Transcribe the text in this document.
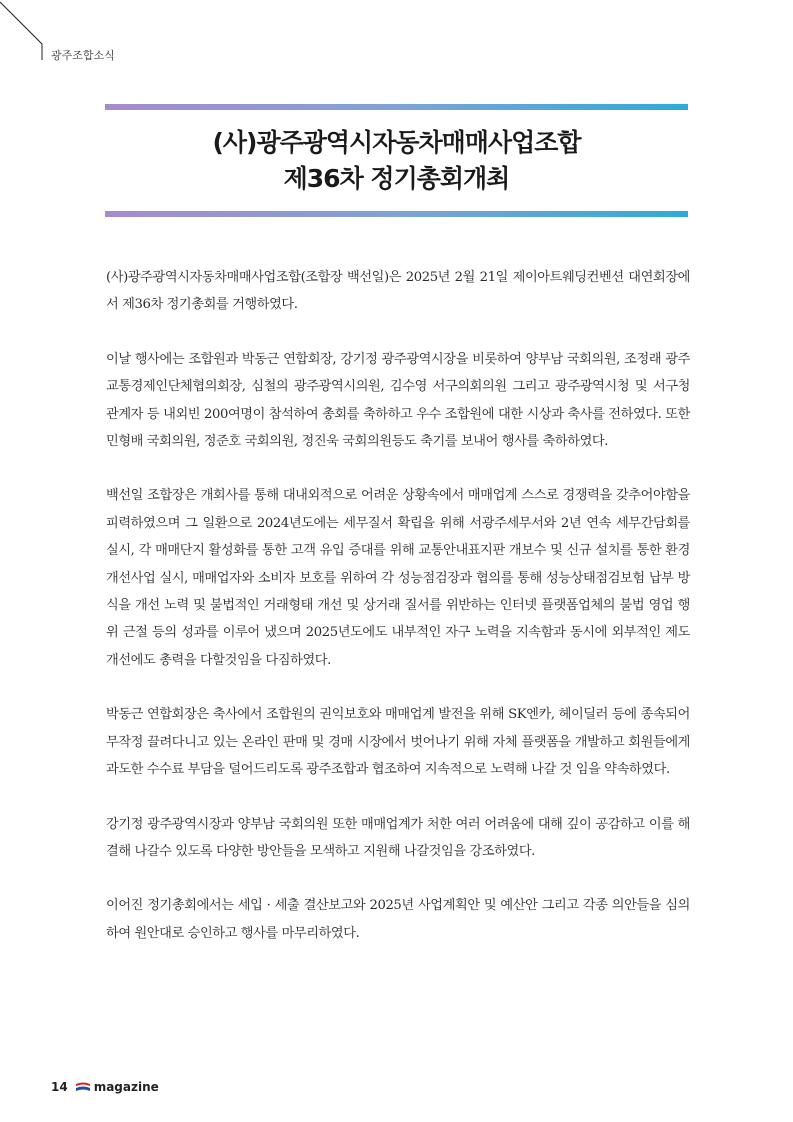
광주조합소식
(사)광주광역시자동차매매사업조합
제36차 정기총회개최

(사)광주광역시자동차매매사업조합(조합장 백선일)은 2025년 2월 21일 제이아트웨딩컨벤션 대연회장에서 제36차 정기총회를 거행하였다.

이날 행사에는 조합원과 박동근 연합회장, 강기정 광주광역시장을 비롯하여 양부남 국회의원, 조정래 광주교통경제인단체협의회장, 심철의 광주광역시의원, 김수영 서구의회의원 그리고 광주광역시청 및 서구청 관계자 등 내외빈 200여명이 참석하여 총회를 축하하고 우수 조합원에 대한 시상과 축사를 전하였다. 또한 민형배 국회의원, 정준호 국회의원, 정진욱 국회의원등도 축기를 보내어 행사를 축하하였다.

백선일 조합장은 개회사를 통해 대내외적으로 어려운 상황속에서 매매업계 스스로 경쟁력을 갖추어야함을 피력하였으며 그 일환으로 2024년도에는 세무질서 확립을 위해 서광주세무서와 2년 연속 세무간담회를 실시, 각 매매단지 활성화를 통한 고객 유입 증대를 위해 교통안내표지판 개보수 및 신규 설치를 통한 환경개선사업 실시, 매매업자와 소비자 보호를 위하여 각 성능점검장과 협의를 통해 성능상태점검보험 납부 방식을 개선 노력 및 불법적인 거래형태 개선 및 상거래 질서를 위반하는 인터넷 플랫폼업체의 불법 영업 행위 근절 등의 성과를 이루어 냈으며 2025년도에도 내부적인 자구 노력을 지속함과 동시에 외부적인 제도 개선에도 총력을 다할것임을 다짐하였다.

박동근 연합회장은 축사에서 조합원의 권익보호와 매매업계 발전을 위해 SK엔카, 헤이딜러 등에 종속되어 무작정 끌려다니고 있는 온라인 판매 및 경매 시장에서 벗어나기 위해 자체 플랫폼을 개발하고 회원들에게 과도한 수수료 부담을 덜어드리도록 광주조합과 협조하여 지속적으로 노력해 나갈 것 임을 약속하였다.

강기정 광주광역시장과 양부남 국회의원 또한 매매업계가 처한 여러 어려움에 대해 깊이 공감하고 이를 해결해 나갈수 있도록 다양한 방안들을 모색하고 지원해 나갈것임을 강조하였다.

이어진 정기총회에서는 세입 · 세출 결산보고와 2025년 사업계획안 및 예산안 그리고 각종 의안들을 심의하여 원안대로 승인하고 행사를 마무리하였다.

14 magazine
